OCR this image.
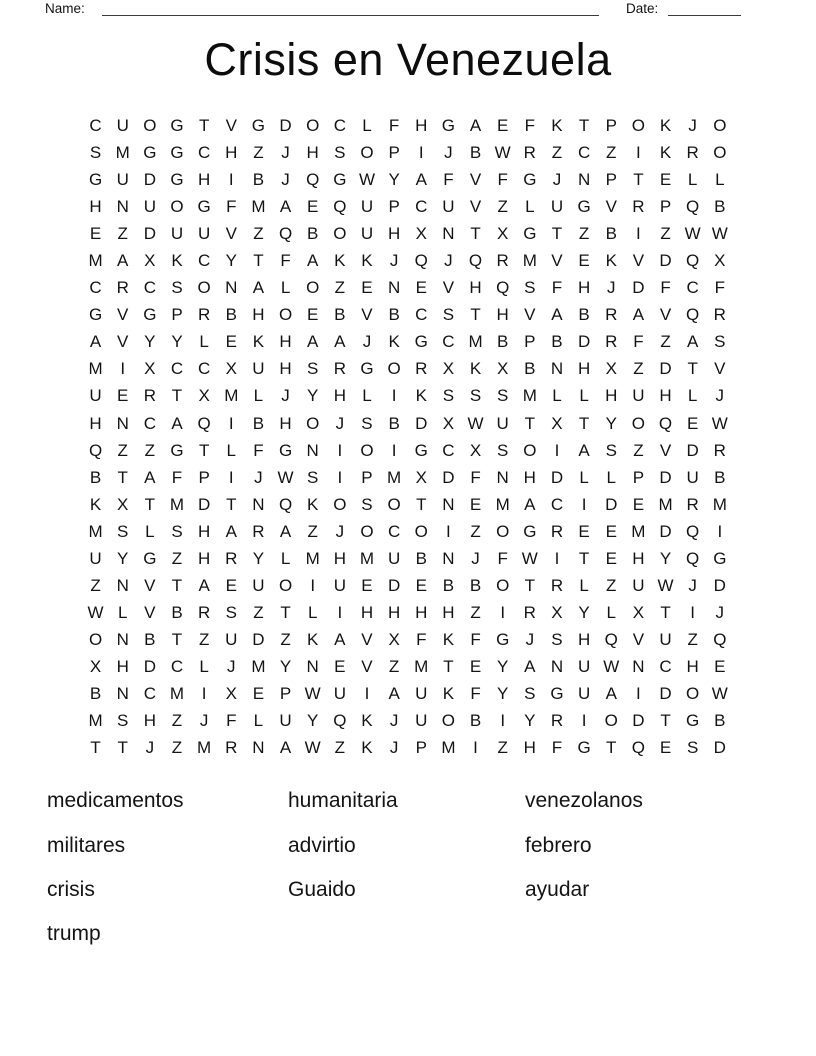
Name:	Date:
Crisis en Venezuela
C U O G T V G D O C L	F H G A E F K T P O K	J O
S M G G C H Z	J H S O P	I	J	B W R Z C Z	I	K R O
G U D G H	I	B	J Q G W Y A F V F G J N P T E L	L
H N U O G F M A E Q U P C U V Z	L U G V R P Q B
E Z D U U V Z Q B O U H X N T X G T Z B	I	Z W W
M A X K C Y T F A K K	J Q J Q R M V E K V D Q X
C R C S O N A L O Z E N E V H Q S F H J D F C F
G V G P R B H O E B V B C S T H V A B R A V Q R
A V Y Y L E K H A A	J	K G C M B P B D R F Z A S
M	I	X C C X U H S R G O R X K X B N H X Z D T V
U E R T X M L	J	Y H L	I	K S S S M L	L H U H L	J
H N C A Q	I	B H O J	S B D X W U T X T Y O Q E W
Q Z Z G T	L	F G N	I	O	I	G C X S O	I	A S Z V D R
B T A F P	I	J W S	I	P M X D F N H D L	L P D U B
K X T M D T N Q K O S O T N E M A C	I	D E M R M
M S L S H A R A Z	J O C O	I	Z O G R E E M D Q	I
U Y G Z H R Y L M H M U B N J	F W I	T E H Y Q G
Z N V T A E U O	I	U E D E B B O T R L	Z U W J D
W L V B R S Z T	L	I	H H H H Z	I	R X Y L X T	I	J
O N B T Z U D Z K A V X F K F G J	S H Q V U Z Q
X H D C L	J M Y N E V Z M T E Y A N U W N C H E
B N C M	I	X E P W U	I	A U K F Y S G U A	I	D O W
M S H Z	J	F	L U Y Q K	J U O B	I	Y R	I	O D T G B
T T	J	Z M R N A W Z K	J	P M	I	Z H F G T Q E S D
medicamentos
militares
crisis
trump
humanitaria
advirtio
Guaido
venezolanos
febrero
ayudar
